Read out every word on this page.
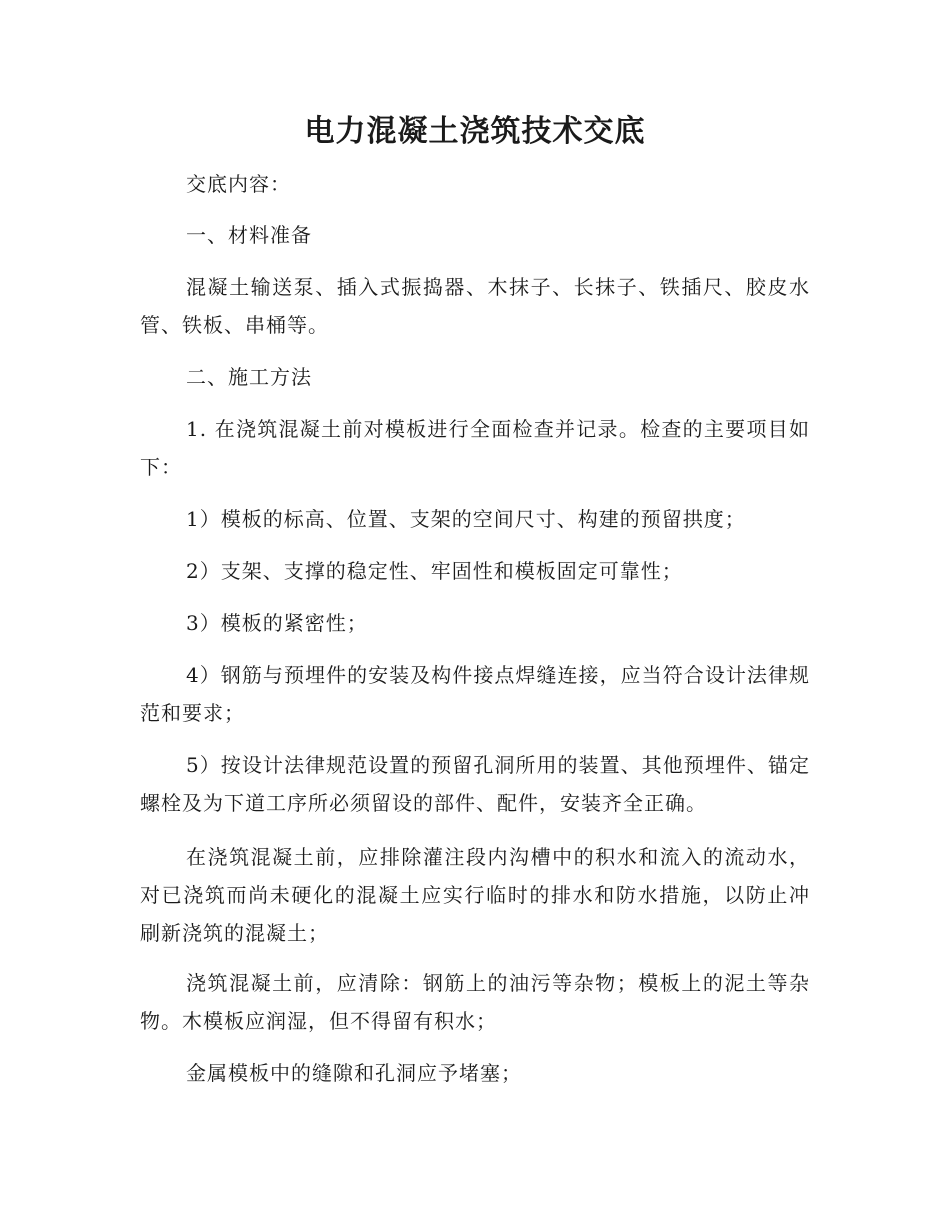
电力混凝土浇筑技术交底

交底内容：

一、材料准备

混凝土输送泵、插入式振捣器、木抹子、长抹子、铁插尺、胶皮水管、铁板、串桶等。

二、施工方法

1. 在浇筑混凝土前对模板进行全面检查并记录。检查的主要项目如下：

1）模板的标高、位置、支架的空间尺寸、构建的预留拱度；

2）支架、支撑的稳定性、牢固性和模板固定可靠性；

3）模板的紧密性；

4）钢筋与预埋件的安装及构件接点焊缝连接，应当符合设计法律规范和要求；

5）按设计法律规范设置的预留孔洞所用的装置、其他预埋件、锚定螺栓及为下道工序所必须留设的部件、配件，安装齐全正确。

在浇筑混凝土前，应排除灌注段内沟槽中的积水和流入的流动水，对已浇筑而尚未硬化的混凝土应实行临时的排水和防水措施，以防止冲刷新浇筑的混凝土；

浇筑混凝土前，应清除：钢筋上的油污等杂物；模板上的泥土等杂物。木模板应润湿，但不得留有积水；

金属模板中的缝隙和孔洞应予堵塞；
